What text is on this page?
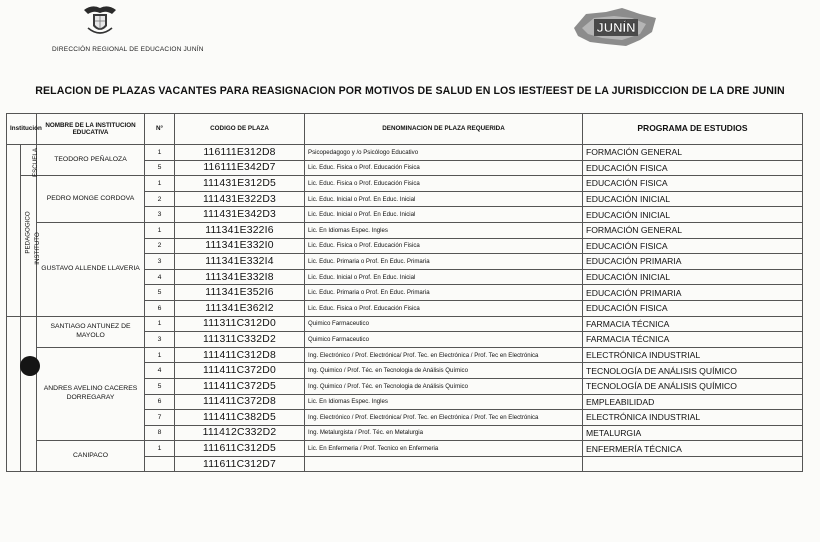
DIRECCIÓN REGIONAL DE EDUCACION JUNÍN
JUNÍN
RELACION DE PLAZAS VACANTES PARA REASIGNACION POR MOTIVOS DE SALUD EN LOS IEST/EEST DE LA JURISDICCION DE LA DRE JUNIN
Institución		NOMBRE DE LA INSTITUCION EDUCATIVA	N°	CODIGO DE PLAZA	DENOMINACION DE PLAZA REQUERIDA	PROGRAMA DE ESTUDIOS
PEDAGOGICO	ESCUELA	TEODORO PEÑALOZA	1	116111E312D8	Psicopedagogo y /o Psicólogo Educativo	FORMACIÓN GENERAL
			5	116111E342D7	Lic. Educ. Fisica o Prof. Educación Fisica	EDUCACIÓN FISICA
	INSTITUTO	PEDRO MONGE CORDOVA	1	111431E312D5	Lic. Educ. Fisica o Prof. Educación Fisica	EDUCACIÓN FISICA
			2	111431E322D3	Lic. Educ. Inicial o Prof. En Educ. Inicial	EDUCACIÓN INICIAL
			3	111431E342D3	Lic. Educ. Inicial o Prof. En Educ. Inicial	EDUCACIÓN INICIAL
		GUSTAVO ALLENDE LLAVERIA	1	111341E322I6	Lic. En Idiomas Espec. Ingles	FORMACIÓN GENERAL
			2	111341E332I0	Lic. Educ. Fisica o Prof. Educación Fisica	EDUCACIÓN FISICA
			3	111341E332I4	Lic. Educ. Primaria o Prof. En Educ. Primaria	EDUCACIÓN PRIMARIA
			4	111341E332I8	Lic. Educ. Inicial o Prof. En Educ. Inicial	EDUCACIÓN INICIAL
			5	111341E352I6	Lic. Educ. Primaria o Prof. En Educ. Primaria	EDUCACIÓN PRIMARIA
			6	111341E362I2	Lic. Educ. Fisica o Prof. Educación Fisica	EDUCACIÓN FISICA
		SANTIAGO ANTUNEZ DE MAYOLO	1	111311C312D0	Quimico Farmaceutico	FARMACIA TÉCNICA
			3	111311C332D2	Quimico Farmaceutico	FARMACIA TÉCNICA
		ANDRES AVELINO CACERES DORREGARAY	1	111411C312D8	Ing. Electrónico / Prof. Electrónica/ Prof. Tec. en Electrónica / Prof. Tec en Electrónica	ELECTRÓNICA INDUSTRIAL
			4	111411C372D0	Ing. Quimico / Prof. Téc. en Tecnologia de Análisis Químico	TECNOLOGÍA DE ANÁLISIS QUÍMICO
			5	111411C372D5	Ing. Quimico / Prof. Téc. en Tecnologia de Análisis Químico	TECNOLOGÍA DE ANÁLISIS QUÍMICO
			6	111411C372D8	Lic. En Idiomas Espec. Ingles	EMPLEABILIDAD
			7	111411C382D5	Ing. Electrónico / Prof. Electrónica/ Prof. Tec. en Electrónica / Prof. Tec en Electrónica	ELECTRÓNICA INDUSTRIAL
			8	111412C332D2	Ing. Metalurgista / Prof. Téc. en Metalurgia	METALURGIA
		CANIPACO	1	111611C312D5	Lic. En Enfermeria / Prof. Tecnico en Enfermeria	ENFERMERÍA TÉCNICA
				111611C312D7		
